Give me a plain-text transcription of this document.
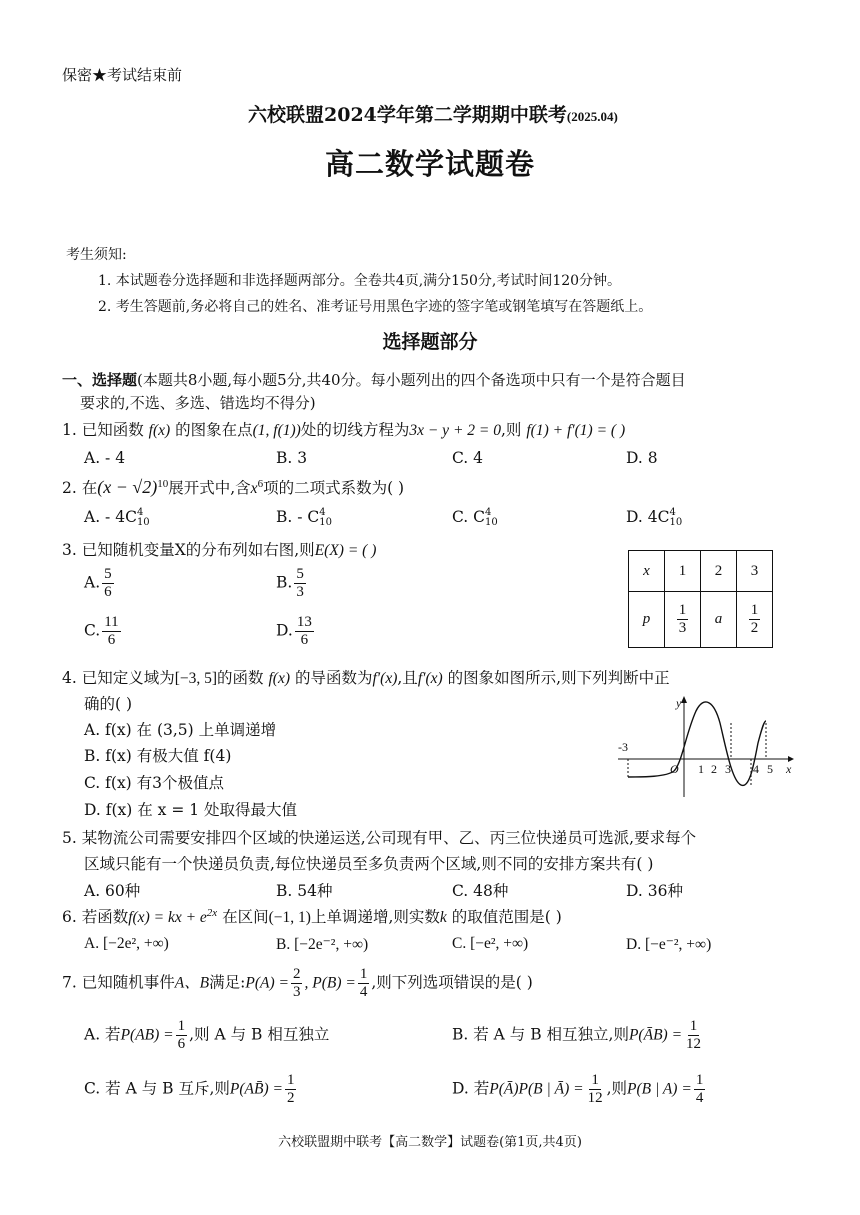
保密★考试结束前
六校联盟2024学年第二学期期中联考(2025.04)
高二数学试题卷
考生须知:
1. 本试题卷分选择题和非选择题两部分。全卷共4页,满分150分,考试时间120分钟。
2. 考生答题前,务必将自己的姓名、准考证号用黑色字迹的签字笔或钢笔填写在答题纸上。
选择题部分
一、选择题(本题共8小题,每小题5分,共40分。每小题列出的四个备选项中只有一个是符合题目
要求的,不选、多选、错选均不得分)
1. 已知函数 f(x) 的图象在点(1, f(1))处的切线方程为3x − y + 2 = 0,则 f(1) + f′(1) = ( )
A. - 4	B. 3	C. 4	D. 8
2. 在$(x - √2)^{10}$展开式中,含$x^6$项的二项式系数为( )
A. - 4C 4
10	B. - C 4
10	C. C 4
10	D. 4C 4
10
3. 已知随机变量X的分布列如右图,则E(X) = ( )
A. $\frac{5}{6}$	B. $\frac{5}{3}$
C. $\frac{11}{6}$	D. $\frac{13}{6}$
x	1	2	3
p	$\frac{1}{3}$	a	$\frac{1}{2}$
4. 已知定义域为[−3, 5]的函数 f(x) 的导函数为f′(x),且f′(x) 的图象如图所示,则下列判断中正
确的( )
A. f(x) 在 (3,5) 上单调递增
B. f(x) 有极大值 f(4)
C. f(x) 有3个极值点
D. f(x) 在 x = 1 处取得最大值
y
x
-3
O 1 2 3 4 5
5. 某物流公司需要安排四个区域的快递运送,公司现有甲、乙、丙三位快递员可选派,要求每个
区域只能有一个快递员负责,每位快递员至多负责两个区域,则不同的安排方案共有( )
A. 60种	B. 54种	C. 48种	D. 36种
6. 若函数f(x) = kx + $e^{2x}$ 在区间(−1, 1)上单调递增,则实数k 的取值范围是( )
A. [−2e², +∞)	B. [−2e⁻², +∞)	C. [−e², +∞)	D. [−e⁻², +∞)
7. 已知随机事件A、B满足:P(A) = $\frac{2}{3}$ , $P(B) = \frac{1}{4}$ ,则下列选项错误的是( )
A. 若$P(AB) = \frac{1}{6}$ ,则 A 与 B 相互独立	B. 若 A 与 B 相互独立,则P(ĀB) = $\frac{1}{12}$
C. 若 A 与 B 互斥,则P(AB̄) = $\frac{1}{2}$	D. 若P(Ā)P(B | Ā) = $\frac{1}{12}$ ,则P(B | $A) = \frac{1}{4}$
六校联盟期中联考【高二数学】试题卷(第1页,共4页)
